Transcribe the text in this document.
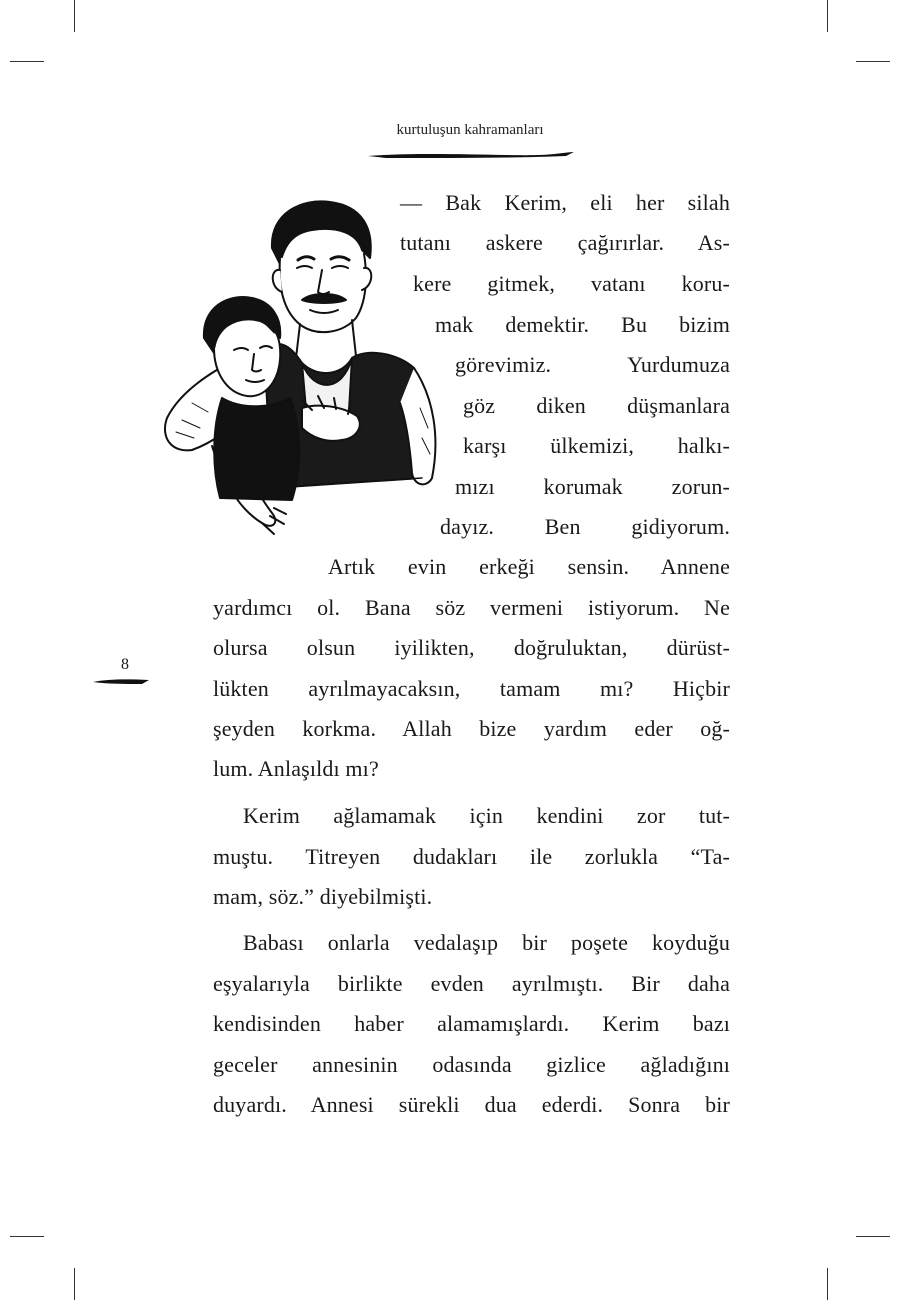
kurtuluşun kahramanları
8
— Bak Kerim, eli her silah
tutanı askere çağırırlar. As-
kere gitmek, vatanı koru-
mak demektir. Bu bizim
görevimiz. Yurdumuza
göz diken düşmanlara
karşı ülkemizi, halkı-
mızı korumak zorun-
dayız. Ben gidiyorum.
Artık evin erkeği sensin. Annene
yardımcı ol. Bana söz vermeni istiyorum. Ne
olursa olsun iyilikten, doğruluktan, dürüst-
lükten ayrılmayacaksın, tamam mı? Hiçbir
şeyden korkma. Allah bize yardım eder oğ-
lum. Anlaşıldı mı?
Kerim ağlamamak için kendini zor tut-
muştu. Titreyen dudakları ile zorlukla “Ta-
mam, söz.” diyebilmişti.
Babası onlarla vedalaşıp bir poşete koyduğu
eşyalarıyla birlikte evden ayrılmıştı. Bir daha
kendisinden haber alamamışlardı. Kerim bazı
geceler annesinin odasında gizlice ağladığını
duyardı. Annesi sürekli dua ederdi. Sonra bir
